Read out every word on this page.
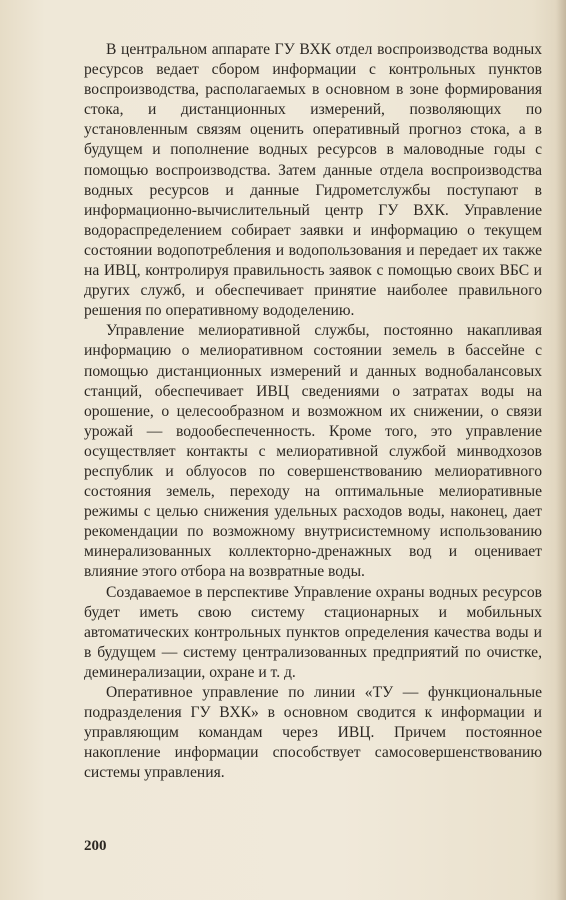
В центральном аппарате ГУ ВХК отдел воспроизводства водных ресурсов ведает сбором информации с контрольных пунктов воспроизводства, располагаемых в основном в зоне формирования стока, и дистанционных измерений, позволяющих по установленным связям оценить оперативный прогноз стока, а в будущем и пополнение водных ресурсов в маловодные годы с помощью воспроизводства. Затем данные отдела воспроизводства водных ресурсов и данные Гидрометслужбы поступают в информационно-вычислительный центр ГУ ВХК. Управление водораспределением собирает заявки и информацию о текущем состоянии водопотребления и водопользования и передает их также на ИВЦ, контролируя правильность заявок с помощью своих ВБС и других служб, и обеспечивает принятие наиболее правильного решения по оперативному вододелению.

Управление мелиоративной службы, постоянно накапливая информацию о мелиоративном состоянии земель в бассейне с помощью дистанционных измерений и данных воднобалансовых станций, обеспечивает ИВЦ сведениями о затратах воды на орошение, о целесообразном и возможном их снижении, о связи урожай — водообеспеченность. Кроме того, это управление осуществляет контакты с мелиоративной службой минводхозов республик и облуосов по совершенствованию мелиоративного состояния земель, переходу на оптимальные мелиоративные режимы с целью снижения удельных расходов воды, наконец, дает рекомендации по возможному внутрисистемному использованию минерализованных коллекторно-дренажных вод и оценивает влияние этого отбора на возвратные воды.

Создаваемое в перспективе Управление охраны водных ресурсов будет иметь свою систему стационарных и мобильных автоматических контрольных пунктов определения качества воды и в будущем — систему централизованных предприятий по очистке, деминерализации, охране и т. д.

Оперативное управление по линии «ТУ — функциональные подразделения ГУ ВХК» в основном сводится к информации и управляющим командам через ИВЦ. Причем постоянное накопление информации способствует самосовершенствованию системы управления.

200
